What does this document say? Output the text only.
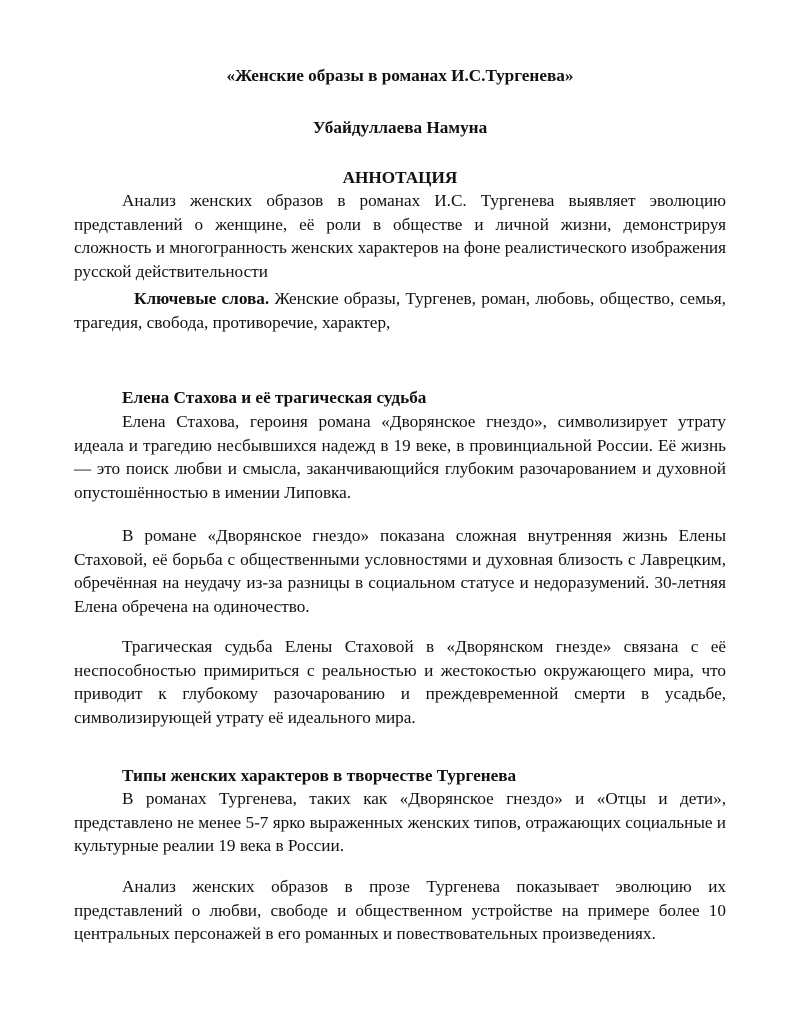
«Женские образы в романах И.С.Тургенева»

Убайдуллаева Намуна

АННОТАЦИЯ

Анализ женских образов в романах И.С. Тургенева выявляет эволюцию представлений о женщине, её роли в обществе и личной жизни, демонстрируя сложность и многогранность женских характеров на фоне реалистического изображения русской действительности

Ключевые слова. Женские образы, Тургенев, роман, любовь, общество, семья, трагедия, свобода, противоречие, характер,

Елена Стахова и её трагическая судьба

Елена Стахова, героиня романа «Дворянское гнездо», символизирует утрату идеала и трагедию несбывшихся надежд в 19 веке, в провинциальной России. Её жизнь — это поиск любви и смысла, заканчивающийся глубоким разочарованием и духовной опустошённостью в имении Липовка.

В романе «Дворянское гнездо» показана сложная внутренняя жизнь Елены Стаховой, её борьба с общественными условностями и духовная близость с Лаврецким, обречённая на неудачу из-за разницы в социальном статусе и недоразумений. 30-летняя Елена обречена на одиночество.

Трагическая судьба Елены Стаховой в «Дворянском гнезде» связана с её неспособностью примириться с реальностью и жестокостью окружающего мира, что приводит к глубокому разочарованию и преждевременной смерти в усадьбе, символизирующей утрату её идеального мира.

Типы женских характеров в творчестве Тургенева

В романах Тургенева, таких как «Дворянское гнездо» и «Отцы и дети», представлено не менее 5-7 ярко выраженных женских типов, отражающих социальные и культурные реалии 19 века в России.

Анализ женских образов в прозе Тургенева показывает эволюцию их представлений о любви, свободе и общественном устройстве на примере более 10 центральных персонажей в его романных и повествовательных произведениях.
